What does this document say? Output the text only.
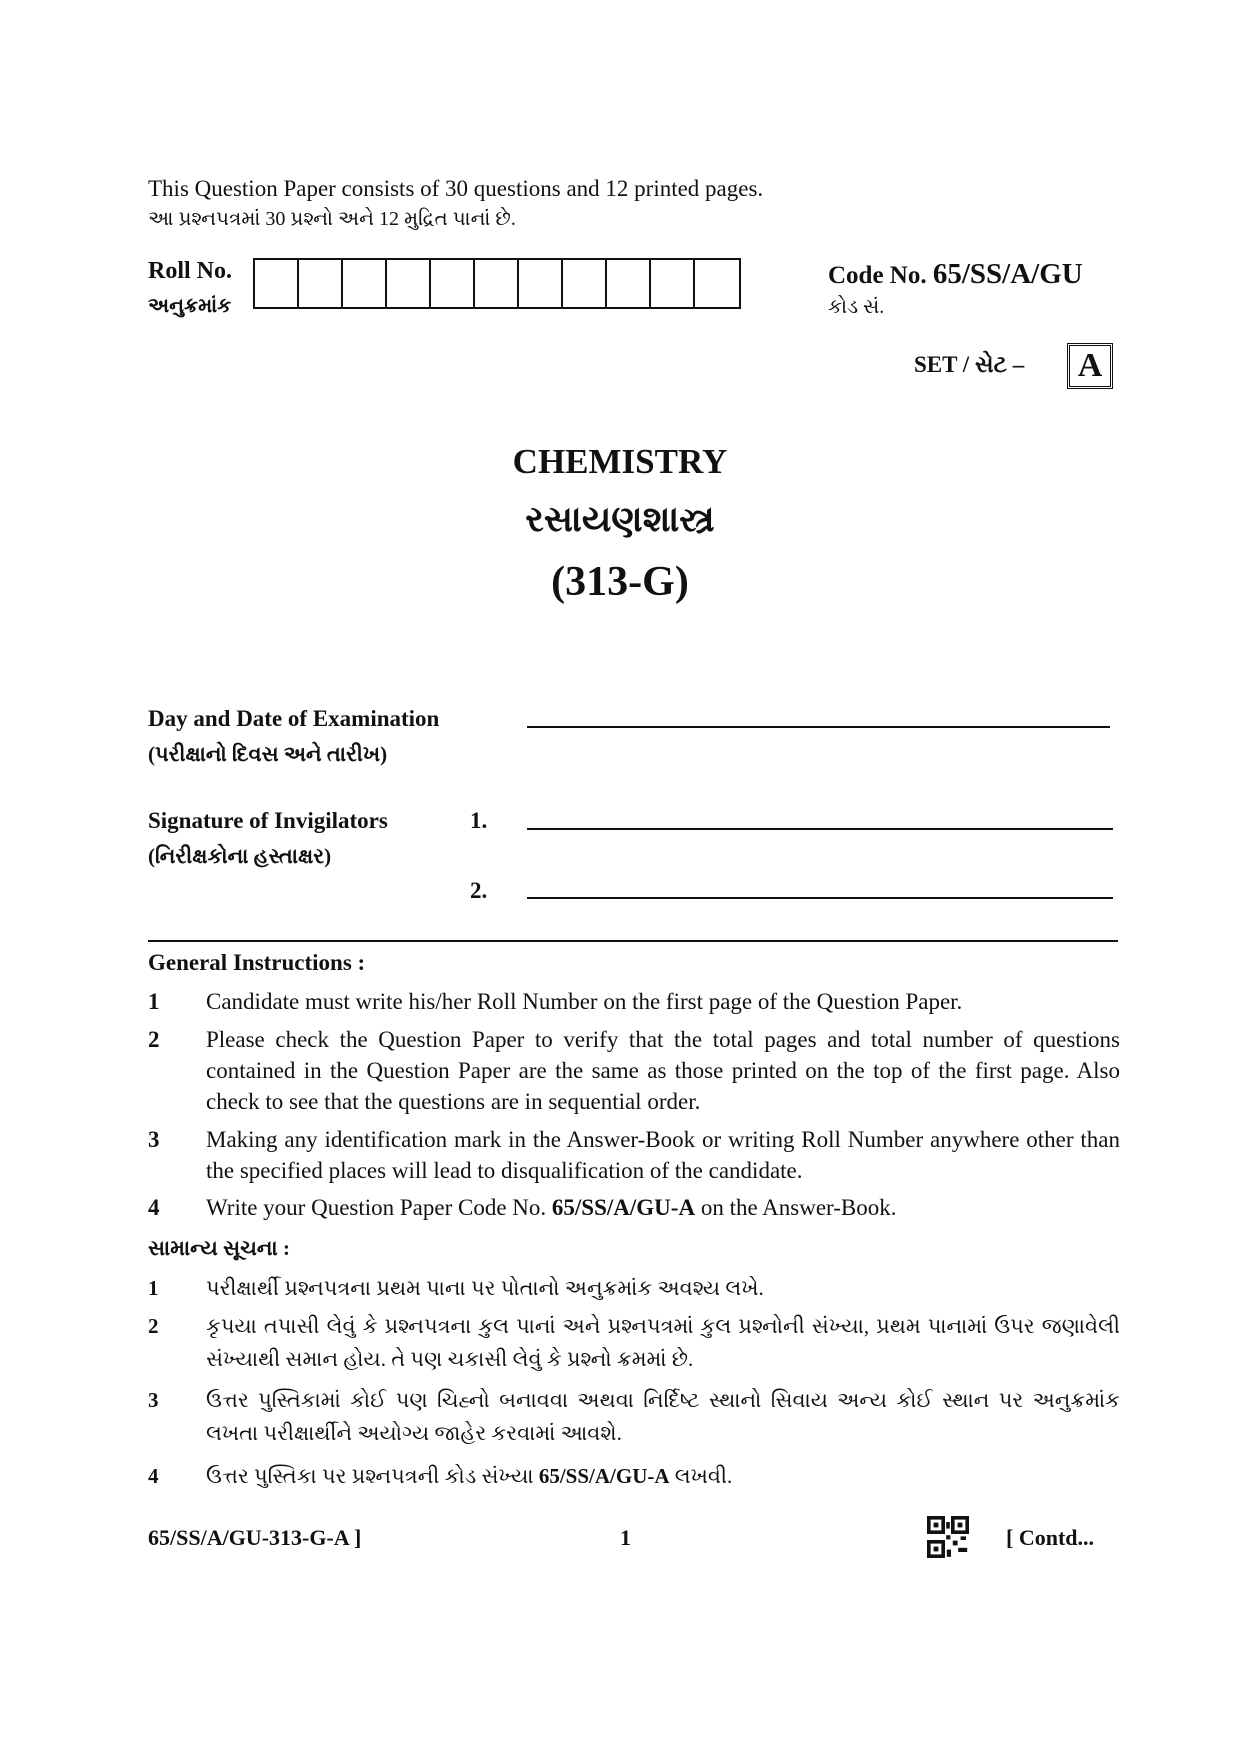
This Question Paper consists of 30 questions and 12 printed pages.
આ પ્રશ્નપત્રમાં 30 પ્રશ્નો અને 12 મુદ્રિત પાનાં છે.
Roll No.
અનુક્રમાંક
Code No. 65/SS/A/GU
કોડ સં.
SET / સેટ –	A
CHEMISTRY
રસાયણશાસ્ત્ર
(313-G)
Day and Date of Examination
(પરીક્ષાનો દિવસ અને તારીખ)
Signature of Invigilators
(નિરીક્ષકોના હસ્તાક્ષર)
1.
2.
General Instructions :
1	Candidate must write his/her Roll Number on the first page of the Question Paper.
2	Please check the Question Paper to verify that the total pages and total number of questions contained in the Question Paper are the same as those printed on the top of the first page. Also check to see that the questions are in sequential order.
3	Making any identification mark in the Answer-Book or writing Roll Number anywhere other than the specified places will lead to disqualification of the candidate.
4	Write your Question Paper Code No. 65/SS/A/GU-A on the Answer-Book.
સામાન્ય સૂચના :
1	પરીક્ષાર્થી પ્રશ્નપત્રના પ્રથમ પાના પર પોતાનો અનુક્રમાંક અવશ્ય લખે.
2	કૃપયા તપાસી લેવું કે પ્રશ્નપત્રના કુલ પાનાં અને પ્રશ્નપત્રમાં કુલ પ્રશ્નોની સંખ્યા, પ્રથમ પાનામાં ઉપર જણાવેલી સંખ્યાથી સમાન હોય. તે પણ ચકાસી લેવું કે પ્રશ્નો ક્રમમાં છે.
3	ઉત્તર પુસ્તિકામાં કોઈ પણ ચિહ્નો બનાવવા અથવા નિર્દિષ્ટ સ્થાનો સિવાય અન્ય કોઈ સ્થાન પર અનુક્રમાંક લખતા પરીક્ષાર્થીને અયોગ્ય જાહેર કરવામાં આવશે.
4	ઉત્તર પુસ્તિકા પર પ્રશ્નપત્રની કોડ સંખ્યા 65/SS/A/GU-A લખવી.
65/SS/A/GU-313-G-A ]	1	[ Contd...
